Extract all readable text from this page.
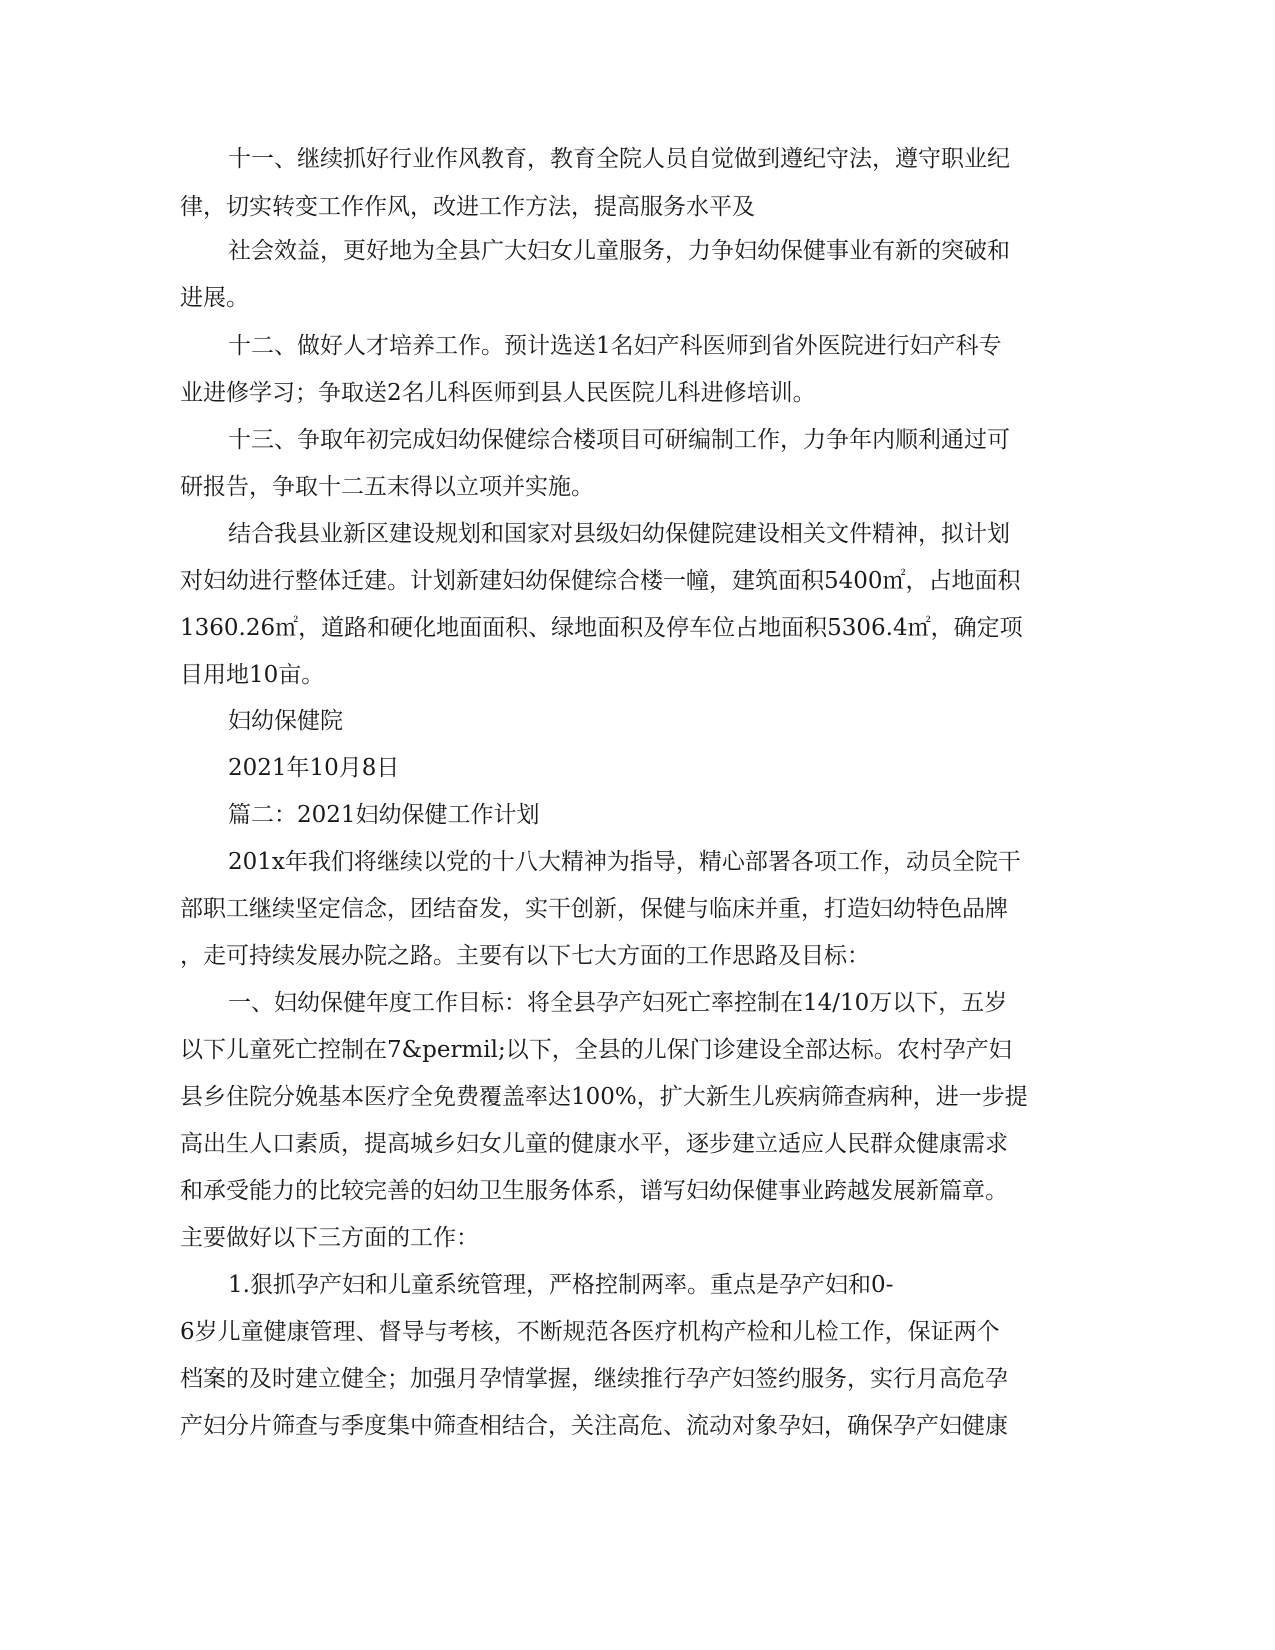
十一、继续抓好行业作风教育，教育全院人员自觉做到遵纪守法，遵守职业纪
律，切实转变工作作风，改进工作方法，提高服务水平及
社会效益，更好地为全县广大妇女儿童服务，力争妇幼保健事业有新的突破和
进展。
十二、做好人才培养工作。预计选送1名妇产科医师到省外医院进行妇产科专
业进修学习；争取送2名儿科医师到县人民医院儿科进修培训。
十三、争取年初完成妇幼保健综合楼项目可研编制工作，力争年内顺利通过可
研报告，争取十二五末得以立项并实施。
结合我县业新区建设规划和国家对县级妇幼保健院建设相关文件精神，拟计划
对妇幼进行整体迁建。计划新建妇幼保健综合楼一幢，建筑面积5400㎡，占地面积
1360.26㎡，道路和硬化地面面积、绿地面积及停车位占地面积5306.4㎡，确定项
目用地10亩。
妇幼保健院
2021年10月8日
篇二：2021妇幼保健工作计划
201x年我们将继续以党的十八大精神为指导，精心部署各项工作，动员全院干
部职工继续坚定信念，团结奋发，实干创新，保健与临床并重，打造妇幼特色品牌
，走可持续发展办院之路。主要有以下七大方面的工作思路及目标：
一、妇幼保健年度工作目标：将全县孕产妇死亡率控制在14/10万以下，五岁
以下儿童死亡控制在7&permil;以下，全县的儿保门诊建设全部达标。农村孕产妇
县乡住院分娩基本医疗全免费覆盖率达100%，扩大新生儿疾病筛查病种，进一步提
高出生人口素质，提高城乡妇女儿童的健康水平，逐步建立适应人民群众健康需求
和承受能力的比较完善的妇幼卫生服务体系，谱写妇幼保健事业跨越发展新篇章。
主要做好以下三方面的工作：
1.狠抓孕产妇和儿童系统管理，严格控制两率。重点是孕产妇和0-
6岁儿童健康管理、督导与考核，不断规范各医疗机构产检和儿检工作，保证两个
档案的及时建立健全；加强月孕情掌握，继续推行孕产妇签约服务，实行月高危孕
产妇分片筛查与季度集中筛查相结合，关注高危、流动对象孕妇，确保孕产妇健康
